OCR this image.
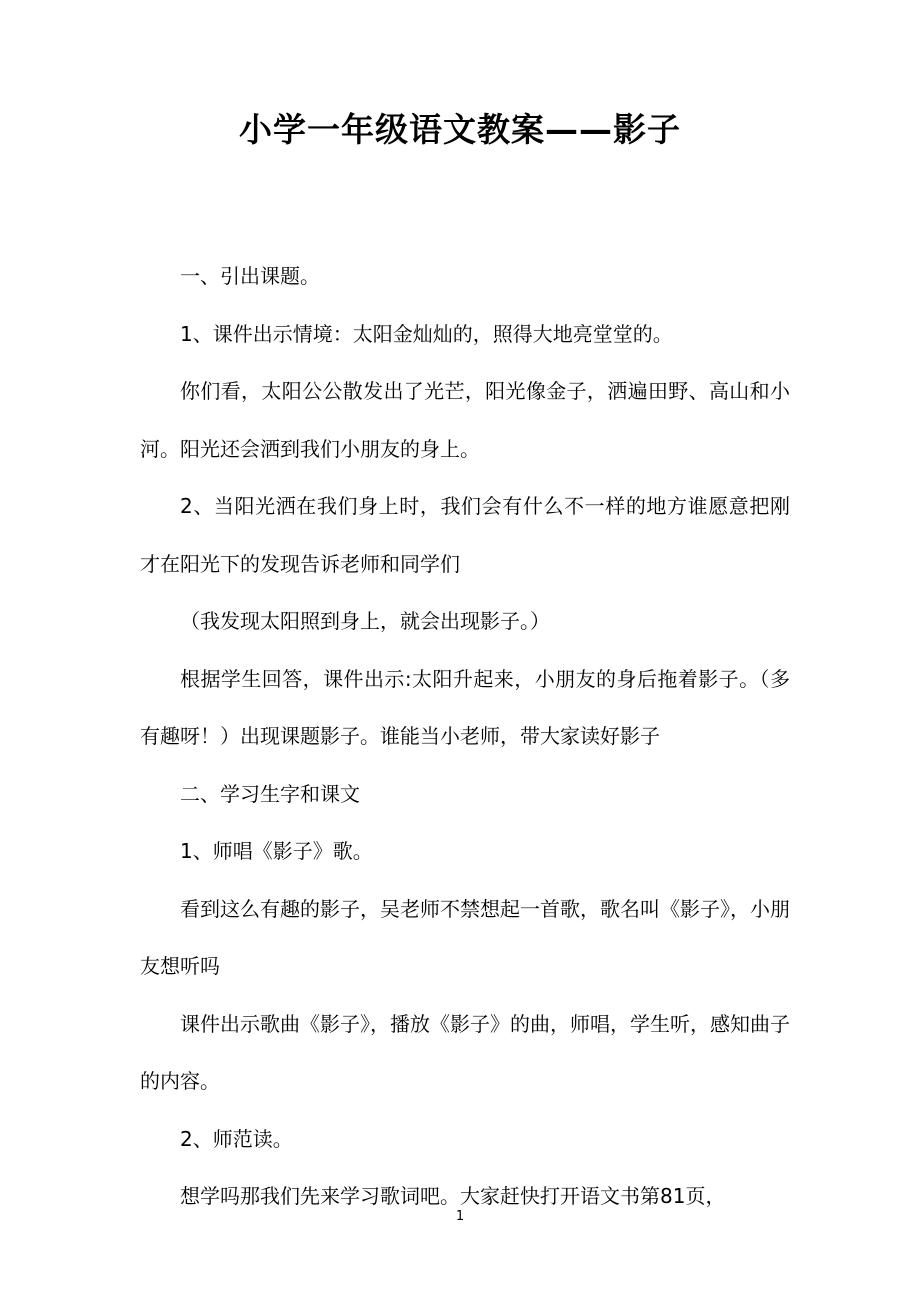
小学一年级语文教案——影子

一、引出课题。

1、课件出示情境：太阳金灿灿的，照得大地亮堂堂的。

你们看，太阳公公散发出了光芒，阳光像金子，洒遍田野、高山和小河。阳光还会洒到我们小朋友的身上。

2、当阳光洒在我们身上时，我们会有什么不一样的地方谁愿意把刚才在阳光下的发现告诉老师和同学们

（我发现太阳照到身上，就会出现影子。）

根据学生回答，课件出示:太阳升起来，小朋友的身后拖着影子。（多有趣呀！）出现课题影子。谁能当小老师，带大家读好影子

二、学习生字和课文

1、师唱《影子》歌。

看到这么有趣的影子，吴老师不禁想起一首歌，歌名叫《影子》，小朋友想听吗

课件出示歌曲《影子》，播放《影子》的曲，师唱，学生听，感知曲子的内容。

2、师范读。

想学吗那我们先来学习歌词吧。大家赶快打开语文书第81页，

1
